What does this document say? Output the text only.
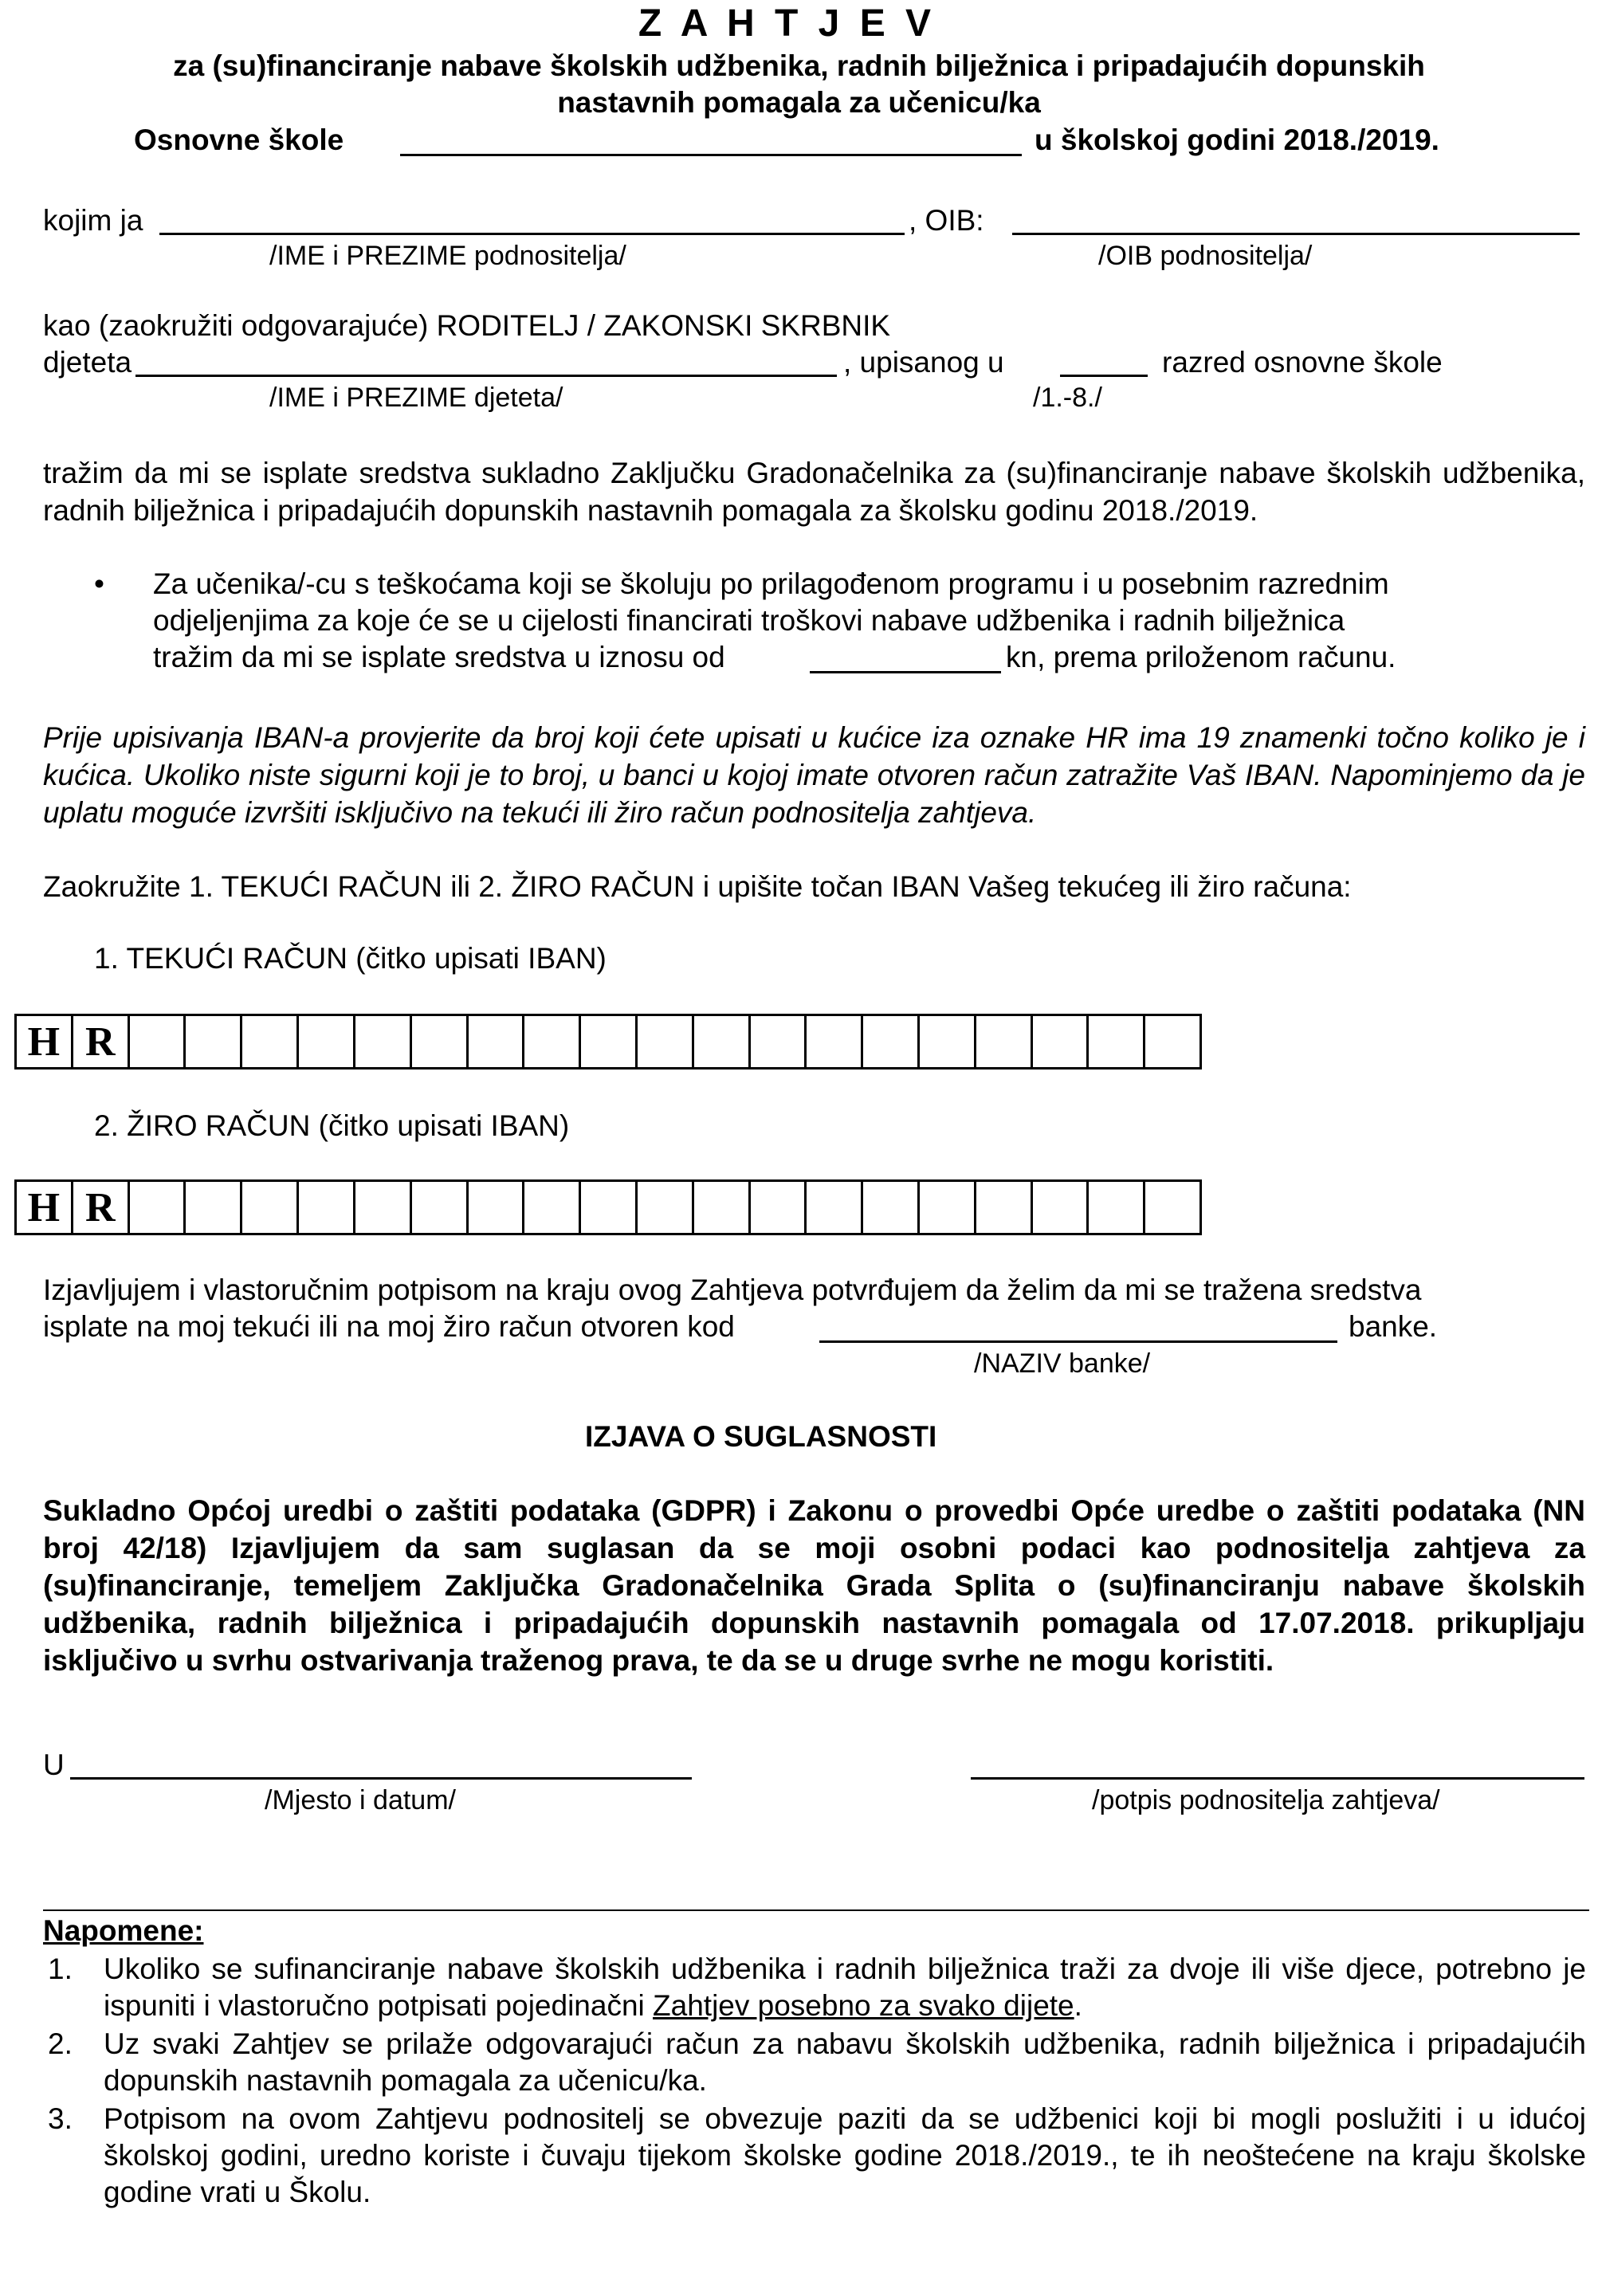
Z A H T J E V
za (su)financiranje nabave školskih udžbenika, radnih bilježnica i pripadajućih dopunskih
nastavnih pomagala za učenicu/ka
Osnovne škole	u školskoj godini 2018./2019.
kojim ja	, OIB:
/IME i PREZIME podnositelja/	/OIB podnositelja/
kao (zaokružiti odgovarajuće) RODITELJ / ZAKONSKI SKRBNIK
djeteta	, upisanog u	razred osnovne škole
/IME i PREZIME djeteta/	/1.-8./
tražim da mi se isplate sredstva sukladno Zaključku Gradonačelnika za (su)financiranje nabave školskih udžbenika, radnih bilježnica i pripadajućih dopunskih nastavnih pomagala za školsku godinu 2018./2019.
• Za učenika/-cu s teškoćama koji se školuju po prilagođenom programu i u posebnim razrednim
odjeljenjima za koje će se u cijelosti financirati troškovi nabave udžbenika i radnih bilježnica
tražim da mi se isplate sredstva u iznosu od	kn, prema priloženom računu.
Prije upisivanja IBAN-a provjerite da broj koji ćete upisati u kućice iza oznake HR ima 19 znamenki točno koliko je i kućica. Ukoliko niste sigurni koji je to broj, u banci u kojoj imate otvoren račun zatražite Vaš IBAN. Napominjemo da je uplatu moguće izvršiti isključivo na tekući ili žiro račun podnositelja zahtjeva.
Zaokružite 1. TEKUĆI RAČUN ili 2. ŽIRO RAČUN i upišite točan IBAN Vašeg tekućeg ili žiro računa:
1. TEKUĆI RAČUN (čitko upisati IBAN)
H R
2. ŽIRO RAČUN (čitko upisati IBAN)
H R
Izjavljujem i vlastoručnim potpisom na kraju ovog Zahtjeva potvrđujem da želim da mi se tražena sredstva
isplate na moj tekući ili na moj žiro račun otvoren kod	banke.
/NAZIV banke/
IZJAVA O SUGLASNOSTI
Sukladno Općoj uredbi o zaštiti podataka (GDPR) i Zakonu o provedbi Opće uredbe o zaštiti podataka (NN broj 42/18) Izjavljujem da sam suglasan da se moji osobni podaci kao podnositelja zahtjeva za (su)financiranje, temeljem Zaključka Gradonačelnika Grada Splita o (su)financiranju nabave školskih udžbenika, radnih bilježnica i pripadajućih dopunskih nastavnih pomagala od 17.07.2018. prikupljaju isključivo u svrhu ostvarivanja traženog prava, te da se u druge svrhe ne mogu koristiti.
U
/Mjesto i datum/	/potpis podnositelja zahtjeva/
Napomene:
1.	Ukoliko se sufinanciranje nabave školskih udžbenika i radnih bilježnica traži za dvoje ili više djece, potrebno je ispuniti i vlastoručno potpisati pojedinačni Zahtjev posebno za svako dijete.
2.	Uz svaki Zahtjev se prilaže odgovarajući račun za nabavu školskih udžbenika, radnih bilježnica i pripadajućih dopunskih nastavnih pomagala za učenicu/ka.
3.	Potpisom na ovom Zahtjevu podnositelj se obvezuje paziti da se udžbenici koji bi mogli poslužiti i u idućoj školskoj godini, uredno koriste i čuvaju tijekom školske godine 2018./2019., te ih neoštećene na kraju školske godine vrati u Školu.
